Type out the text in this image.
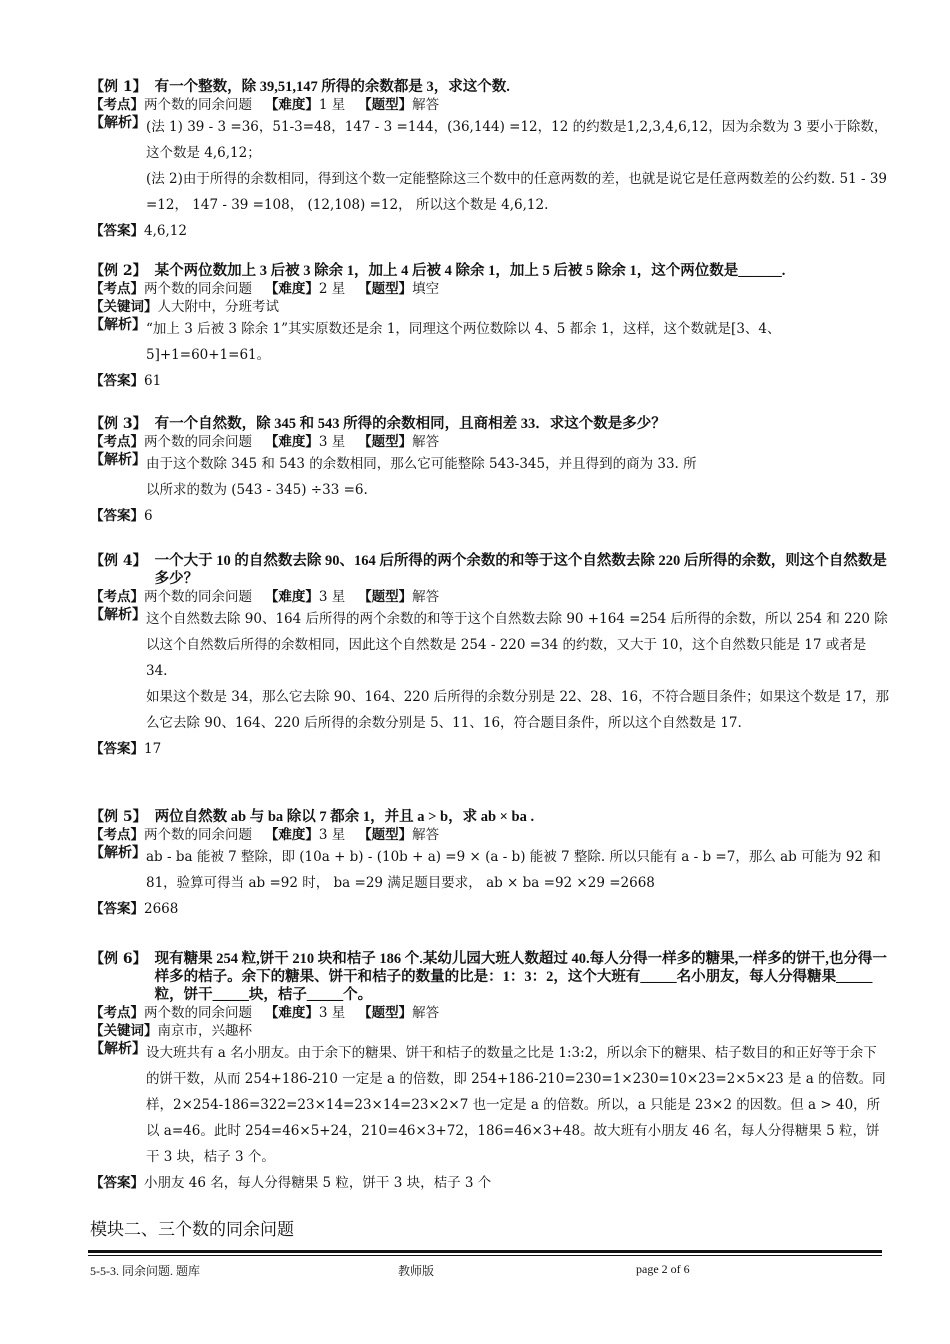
【例 1】 有一个整数，除 39,51,147 所得的余数都是 3，求这个数.
【考点】两个数的同余问题 【难度】1 星 【题型】解答
【解析】 (法 1) 39 - 3 =36，51-3=48，147 - 3 =144，(36,144) =12，12 的约数是1,2,3,4,6,12，因为余数为 3 要小于除数，这个数是 4,6,12；

(法 2)由于所得的余数相同，得到这个数一定能整除这三个数中的任意两数的差，也就是说它是任意两数差的公约数. 51 - 39 =12， 147 - 39 =108， (12,108) =12， 所以这个数是 4,6,12.

【答案】 4,6,12
【例 2】 某个两位数加上 3 后被 3 除余 1，加上 4 后被 4 除余 1，加上 5 后被 5 除余 1，这个两位数是______.
【考点】两个数的同余问题 【难度】2 星 【题型】填空
【关键词】人大附中，分班考试
【解析】 “加上 3 后被 3 除余 1”其实原数还是余 1，同理这个两位数除以 4、5 都余 1，这样，这个数就是[3、4、5]+1=60+1=61。

【答案】 61
【例 3】 有一个自然数，除 345 和 543 所得的余数相同，且商相差 33．求这个数是多少？
【考点】两个数的同余问题 【难度】3 星 【题型】解答
【解析】 由于这个数除 345 和 543 的余数相同，那么它可能整除 543-345，并且得到的商为 33. 所以所求的数为 (543 - 345) ÷33 =6.

【答案】 6
【例 4】 一个大于 10 的自然数去除 90、164 后所得的两个余数的和等于这个自然数去除 220 后所得的余数，则这个自然数是多少？
【考点】两个数的同余问题 【难度】3 星 【题型】解答
【解析】 这个自然数去除 90、164 后所得的两个余数的和等于这个自然数去除 90 +164 =254 后所得的余数，所以 254 和 220 除以这个自然数后所得的余数相同，因此这个自然数是 254 - 220 =34 的约数，又大于 10，这个自然数只能是 17 或者是 34.

如果这个数是 34，那么它去除 90、164、220 后所得的余数分别是 22、28、16，不符合题目条件；如果这个数是 17，那么它去除 90、164、220 后所得的余数分别是 5、11、16，符合题目条件，所以这个自然数是 17.

【答案】 17
【例 5】 两位自然数 ab 与 ba 除以 7 都余 1，并且 a > b，求 ab × ba .
【考点】两个数的同余问题 【难度】3 星 【题型】解答
【解析】 ab - ba 能被 7 整除，即 (10a + b) - (10b + a) =9 × (a - b) 能被 7 整除. 所以只能有 a - b =7，那么 ab 可能为 92 和 81，验算可得当 ab =92 时， ba =29 满足题目要求， ab × ba =92 ×29 =2668

【答案】 2668
【例 6】 现有糖果 254 粒,饼干 210 块和桔子 186 个.某幼儿园大班人数超过 40.每人分得一样多的糖果,一样多的饼干,也分得一样多的桔子。余下的糖果、饼干和桔子的数量的比是：1：3：2，这个大班有_____名小朋友，每人分得糖果_____粒，饼干_____块，桔子_____个。
【考点】两个数的同余问题 【难度】3 星 【题型】解答
【关键词】南京市，兴趣杯
【解析】 设大班共有 a 名小朋友。由于余下的糖果、饼干和桔子的数量之比是 1:3:2，所以余下的糖果、桔子数目的和正好等于余下的饼干数，从而 254+186-210 一定是 a 的倍数，即 254+186-210=230=1×230=10×23=2×5×23 是 a 的倍数。同样，2×254-186=322=23×14=23×14=23×2×7 也一定是 a 的倍数。所以，a 只能是 23×2 的因数。但 a > 40，所以 a=46。此时 254=46×5+24，210=46×3+72，186=46×3+48。故大班有小朋友 46 名，每人分得糖果 5 粒，饼干 3 块，桔子 3 个。

【答案】 小朋友 46 名，每人分得糖果 5 粒，饼干 3 块，桔子 3 个
模块二、三个数的同余问题
5-5-3. 同余问题. 题库	教师版	page 2 of 6
